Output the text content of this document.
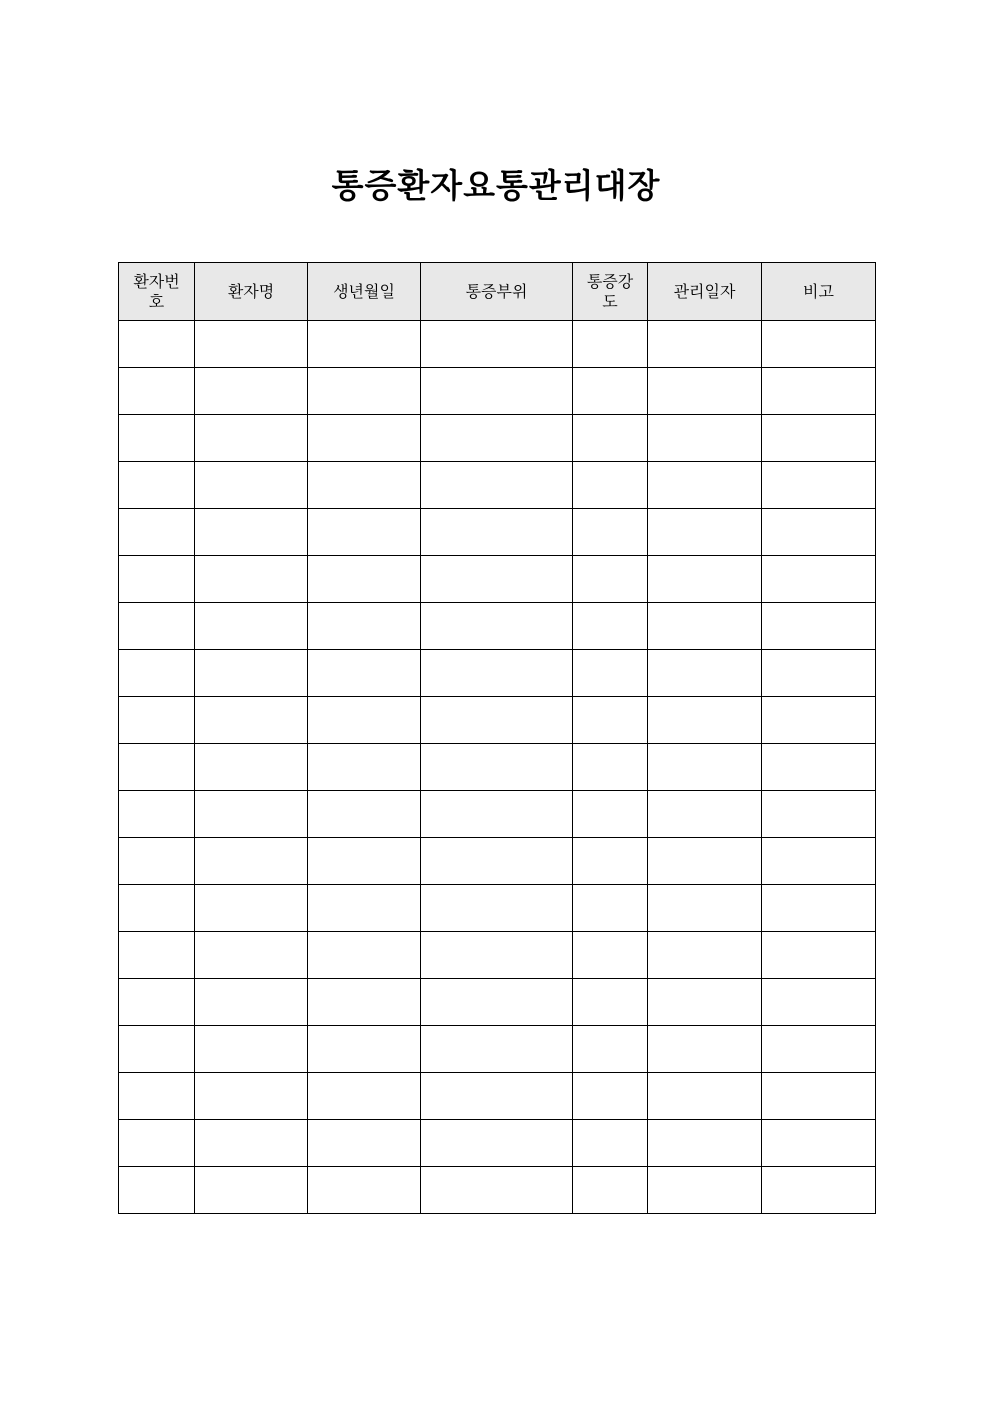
통증환자요통관리대장
환자번호	환자명	생년월일	통증부위	통증강도	관리일자	비고
